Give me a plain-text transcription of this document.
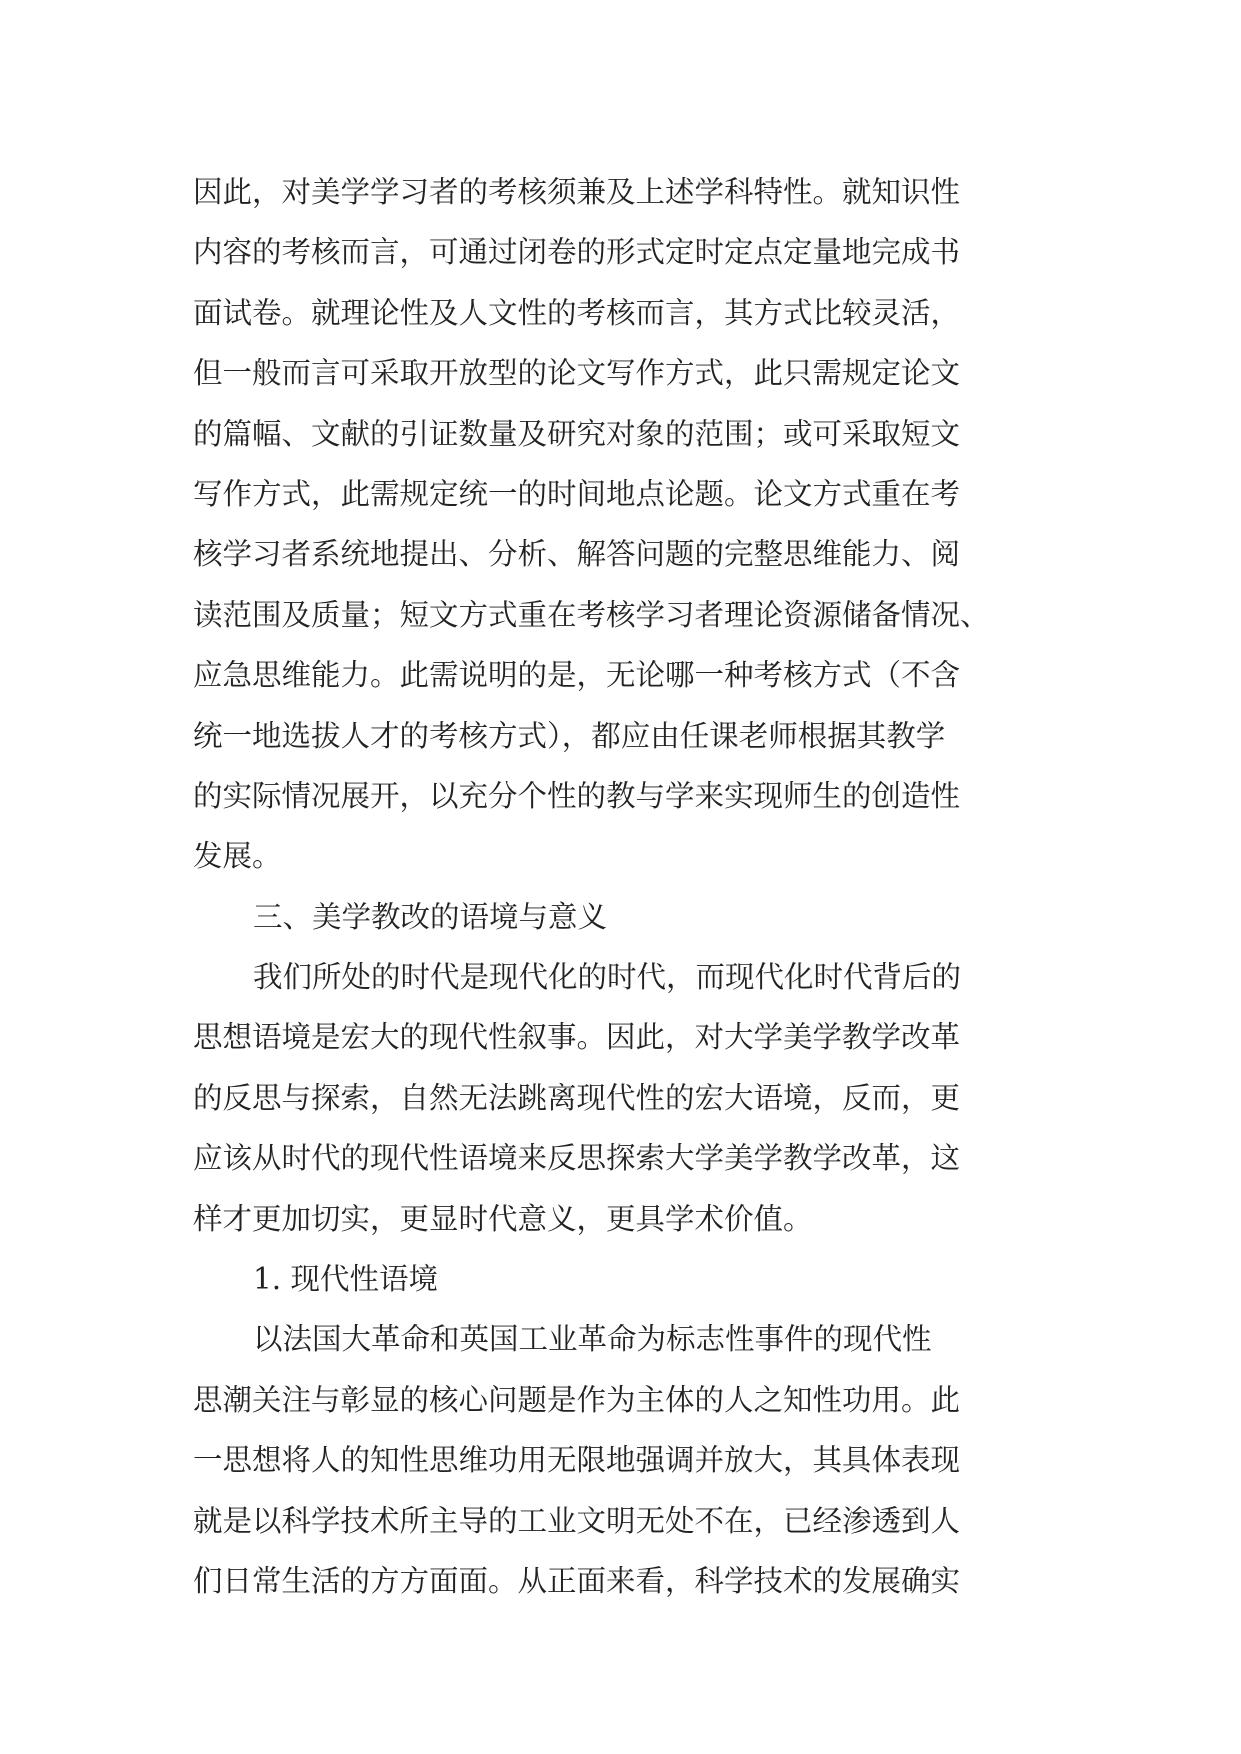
因此，对美学学习者的考核须兼及上述学科特性。就知识性
内容的考核而言，可通过闭卷的形式定时定点定量地完成书
面试卷。就理论性及人文性的考核而言，其方式比较灵活，
但一般而言可采取开放型的论文写作方式，此只需规定论文
的篇幅、文献的引证数量及研究对象的范围；或可采取短文
写作方式，此需规定统一的时间地点论题。论文方式重在考
核学习者系统地提出、分析、解答问题的完整思维能力、阅
读范围及质量；短文方式重在考核学习者理论资源储备情况、
应急思维能力。此需说明的是，无论哪一种考核方式（不含
统一地选拔人才的考核方式），都应由任课老师根据其教学
的实际情况展开，以充分个性的教与学来实现师生的创造性
发展。
三、美学教改的语境与意义
我们所处的时代是现代化的时代，而现代化时代背后的
思想语境是宏大的现代性叙事。因此，对大学美学教学改革
的反思与探索，自然无法跳离现代性的宏大语境，反而，更
应该从时代的现代性语境来反思探索大学美学教学改革，这
样才更加切实，更显时代意义，更具学术价值。
1. 现代性语境
以法国大革命和英国工业革命为标志性事件的现代性
思潮关注与彰显的核心问题是作为主体的人之知性功用。此
一思想将人的知性思维功用无限地强调并放大，其具体表现
就是以科学技术所主导的工业文明无处不在，已经渗透到人
们日常生活的方方面面。从正面来看，科学技术的发展确实
